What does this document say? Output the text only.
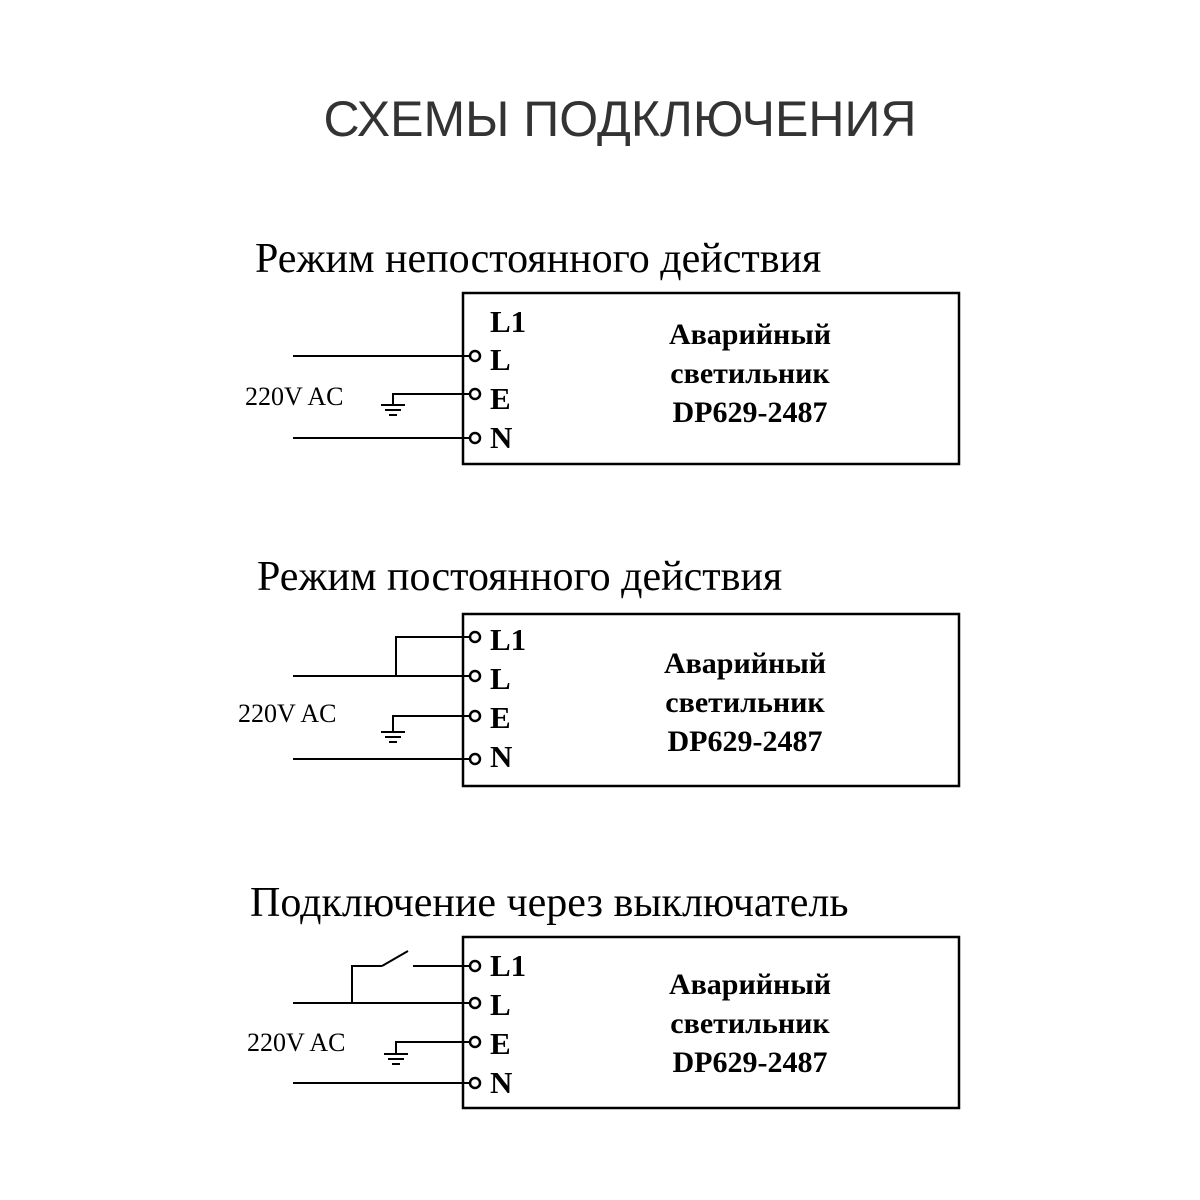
СХЕМЫ ПОДКЛЮЧЕНИЯ
Режим непостоянного действия
L1
L
E
N
Аварийный
светильник
DP629-2487
220V AC
Режим постоянного действия
L1
L
E
N
Аварийный
светильник
DP629-2487
220V AC
Подключение через выключатель
L1
L
E
N
Аварийный
светильник
DP629-2487
220V AC
